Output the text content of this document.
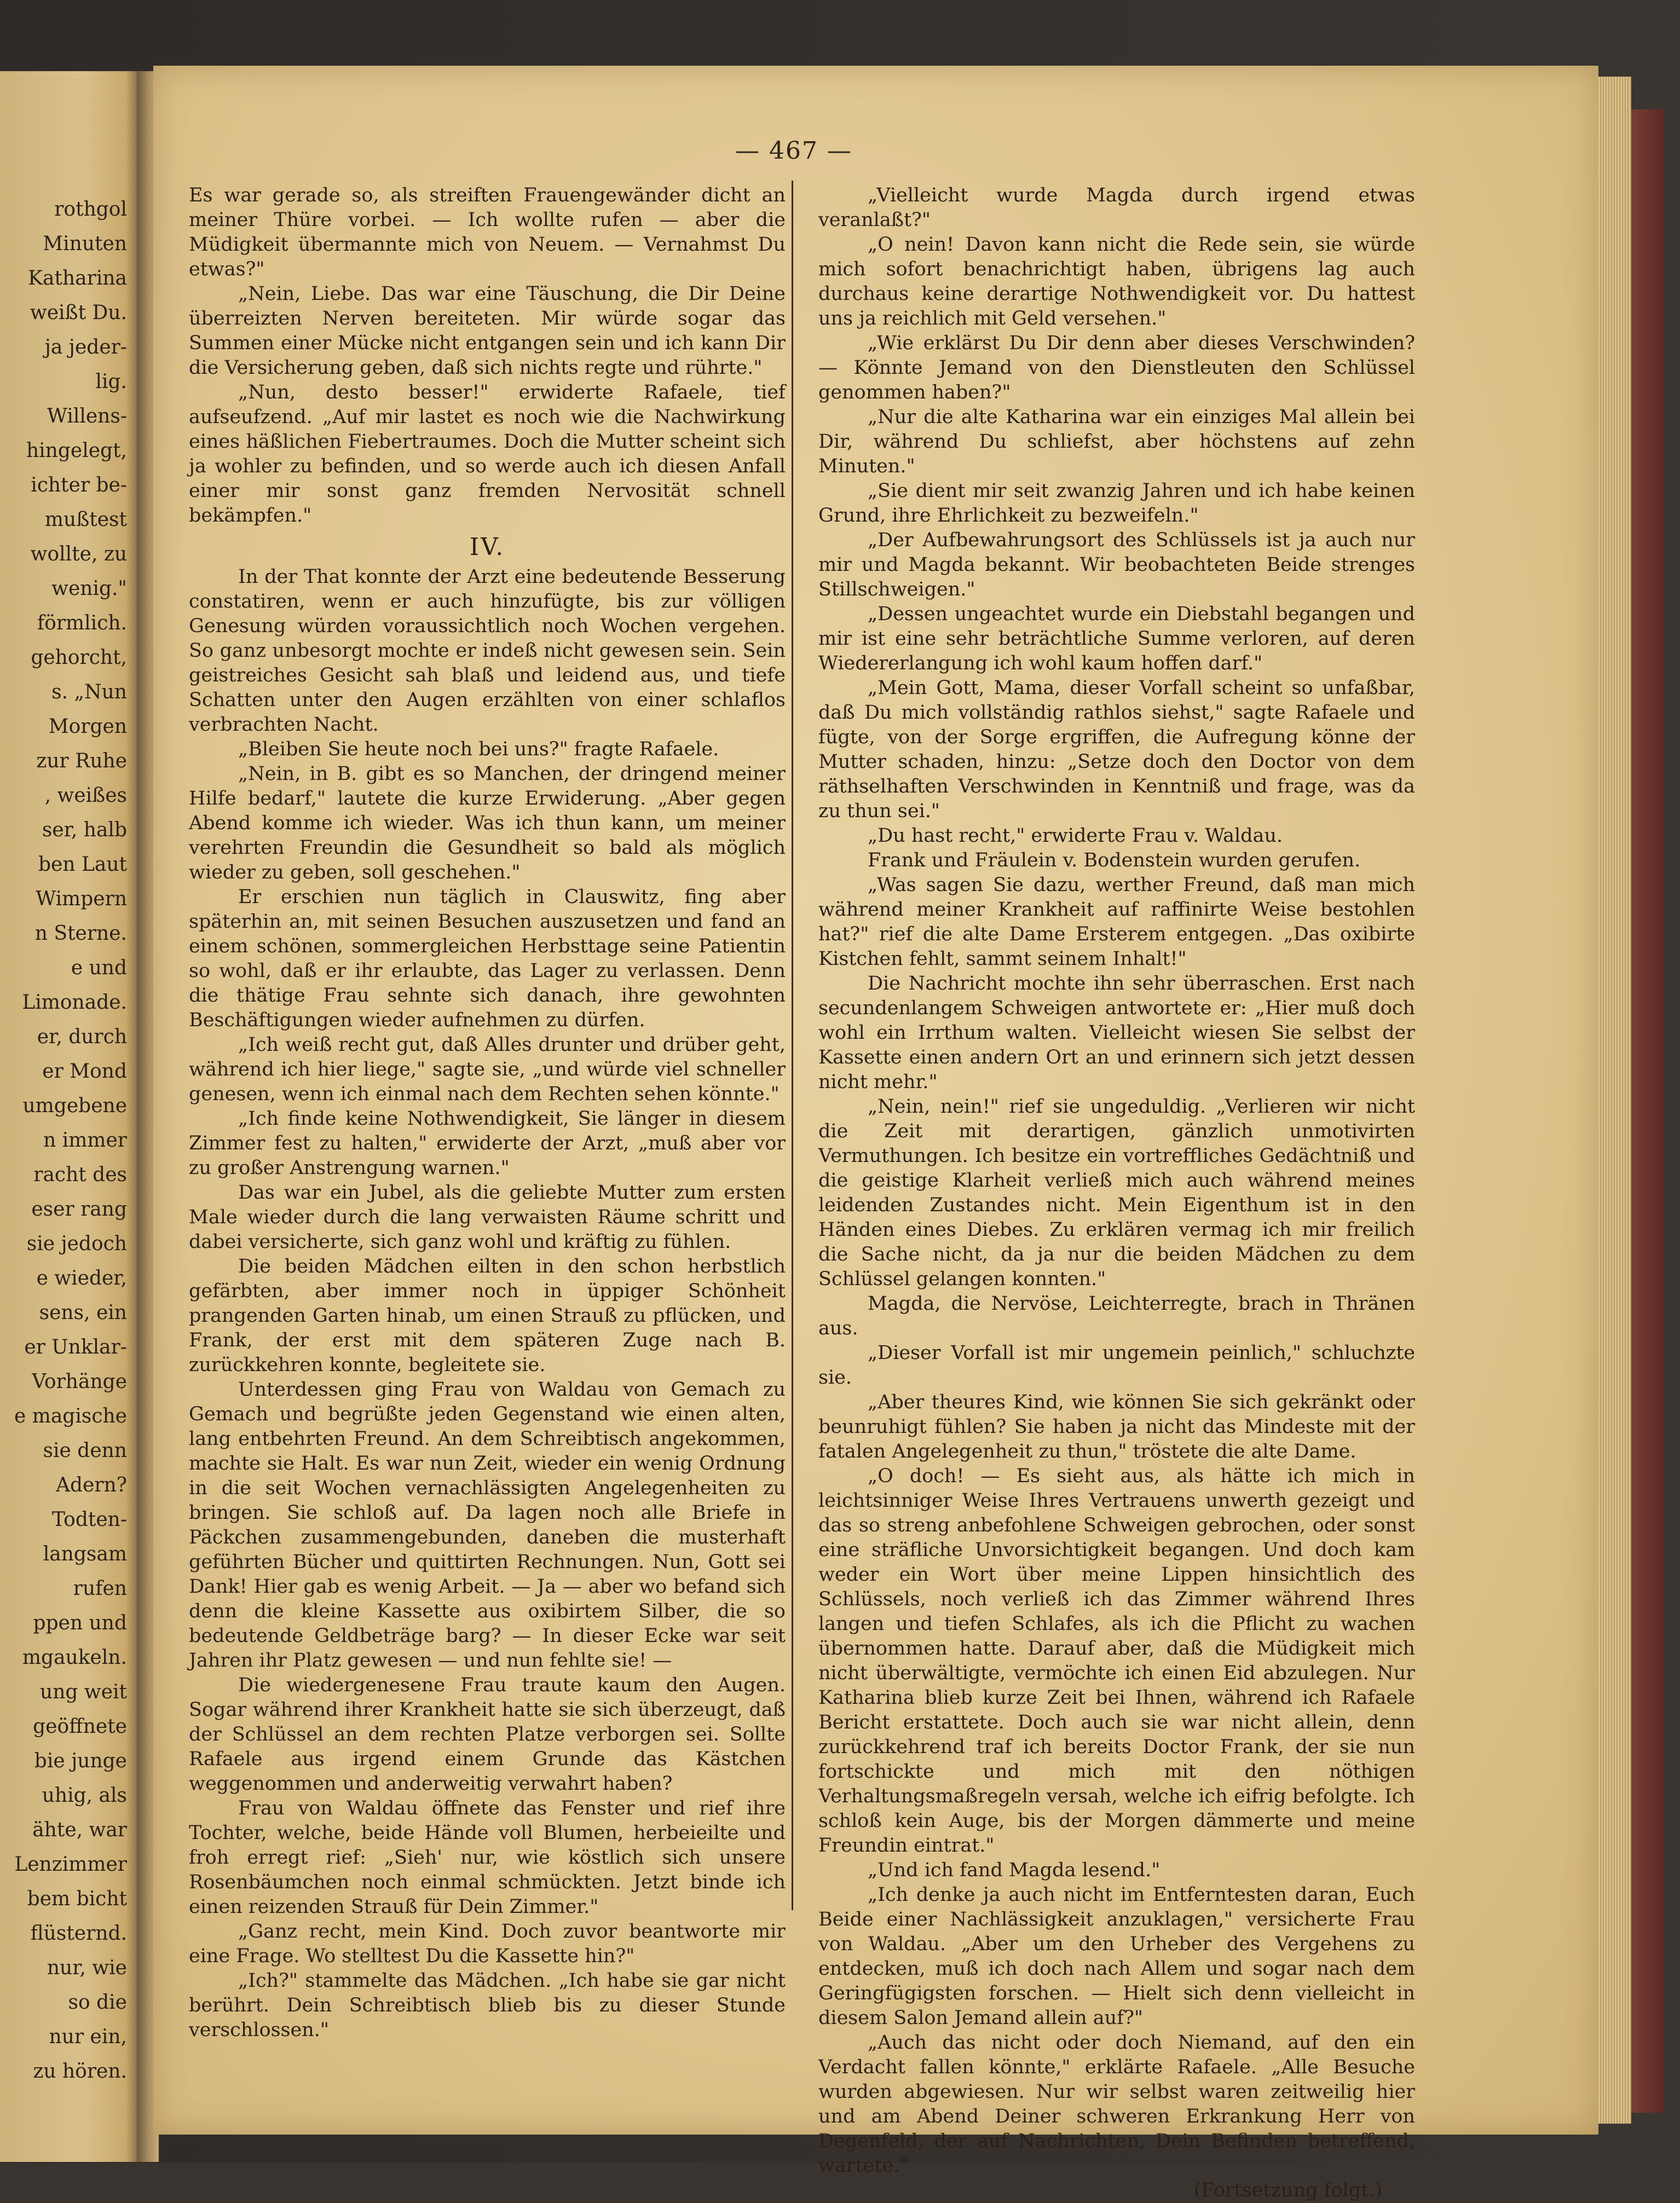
rothgol
Minuten
Katharina
weißt Du.
ja jeder-
lig.
Willens-
hingelegt,
ichter be-
mußtest
wollte, zu
wenig."
förmlich.
gehorcht,
s. „Nun
Morgen
zur Ruhe
, weißes
ser, halb
ben Laut
Wimpern
n Sterne.
e und
Limonade.
er, durch
er Mond
umgebene
n immer
racht des
eser rang
sie jedoch
e wieder,
sens, ein
er Unklar-
Vorhänge
e magische
sie denn
Adern?
Todten-
langsam
rufen
ppen und
mgaukeln.
ung weit
geöffnete
bie junge
uhig, als
ähte, war
Lenzimmer
bem bicht
flüsternd.
nur, wie
so die
nur ein,
zu hören.
— 467 —

Es war gerade so, als streiften Frauengewänder dicht an meiner Thüre vorbei. — Ich wollte rufen — aber die Müdigkeit übermannte mich von Neuem. — Vernahmst Du etwas?"

„Nein, Liebe. Das war eine Täuschung, die Dir Deine überreizten Nerven bereiteten. Mir würde sogar das Summen einer Mücke nicht entgangen sein und ich kann Dir die Versicherung geben, daß sich nichts regte und rührte."

„Nun, desto besser!" erwiderte Rafaele, tief aufseufzend. „Auf mir lastet es noch wie die Nachwirkung eines häßlichen Fiebertraumes. Doch die Mutter scheint sich ja wohler zu befinden, und so werde auch ich diesen Anfall einer mir sonst ganz fremden Nervosität schnell bekämpfen."

IV.

In der That konnte der Arzt eine bedeutende Besserung constatiren, wenn er auch hinzufügte, bis zur völligen Genesung würden voraussichtlich noch Wochen vergehen. So ganz unbesorgt mochte er indeß nicht gewesen sein. Sein geistreiches Gesicht sah blaß und leidend aus, und tiefe Schatten unter den Augen erzählten von einer schlaflos verbrachten Nacht.

„Bleiben Sie heute noch bei uns?" fragte Rafaele.

„Nein, in B. gibt es so Manchen, der dringend meiner Hilfe bedarf," lautete die kurze Erwiderung. „Aber gegen Abend komme ich wieder. Was ich thun kann, um meiner verehrten Freundin die Gesundheit so bald als möglich wieder zu geben, soll geschehen."

Er erschien nun täglich in Clauswitz, fing aber späterhin an, mit seinen Besuchen auszusetzen und fand an einem schönen, sommergleichen Herbsttage seine Patientin so wohl, daß er ihr erlaubte, das Lager zu verlassen. Denn die thätige Frau sehnte sich danach, ihre gewohnten Beschäftigungen wieder aufnehmen zu dürfen.

„Ich weiß recht gut, daß Alles drunter und drüber geht, während ich hier liege," sagte sie, „und würde viel schneller genesen, wenn ich einmal nach dem Rechten sehen könnte."

„Ich finde keine Nothwendigkeit, Sie länger in diesem Zimmer fest zu halten," erwiderte der Arzt, „muß aber vor zu großer Anstrengung warnen."

Das war ein Jubel, als die geliebte Mutter zum ersten Male wieder durch die lang verwaisten Räume schritt und dabei versicherte, sich ganz wohl und kräftig zu fühlen.

Die beiden Mädchen eilten in den schon herbstlich gefärbten, aber immer noch in üppiger Schönheit prangenden Garten hinab, um einen Strauß zu pflücken, und Frank, der erst mit dem späteren Zuge nach B. zurückkehren konnte, begleitete sie.

Unterdessen ging Frau von Waldau von Gemach zu Gemach und begrüßte jeden Gegenstand wie einen alten, lang entbehrten Freund. An dem Schreibtisch angekommen, machte sie Halt. Es war nun Zeit, wieder ein wenig Ordnung in die seit Wochen vernachlässigten Angelegenheiten zu bringen. Sie schloß auf. Da lagen noch alle Briefe in Päckchen zusammengebunden, daneben die musterhaft geführten Bücher und quittirten Rechnungen. Nun, Gott sei Dank! Hier gab es wenig Arbeit. — Ja — aber wo befand sich denn die kleine Kassette aus oxibirtem Silber, die so bedeutende Geldbeträge barg? — In dieser Ecke war seit Jahren ihr Platz gewesen — und nun fehlte sie! —

Die wiedergenesene Frau traute kaum den Augen. Sogar während ihrer Krankheit hatte sie sich überzeugt, daß der Schlüssel an dem rechten Platze verborgen sei. Sollte Rafaele aus irgend einem Grunde das Kästchen weggenommen und anderweitig verwahrt haben?

Frau von Waldau öffnete das Fenster und rief ihre Tochter, welche, beide Hände voll Blumen, herbeieilte und froh erregt rief: „Sieh' nur, wie köstlich sich unsere Rosenbäumchen noch einmal schmückten. Jetzt binde ich einen reizenden Strauß für Dein Zimmer."

„Ganz recht, mein Kind. Doch zuvor beantworte mir eine Frage. Wo stelltest Du die Kassette hin?"

„Ich?" stammelte das Mädchen. „Ich habe sie gar nicht berührt. Dein Schreibtisch blieb bis zu dieser Stunde verschlossen."

„Vielleicht wurde Magda durch irgend etwas veranlaßt?"

„O nein! Davon kann nicht die Rede sein, sie würde mich sofort benachrichtigt haben, übrigens lag auch durchaus keine derartige Nothwendigkeit vor. Du hattest uns ja reichlich mit Geld versehen."

„Wie erklärst Du Dir denn aber dieses Verschwinden? — Könnte Jemand von den Dienstleuten den Schlüssel genommen haben?"

„Nur die alte Katharina war ein einziges Mal allein bei Dir, während Du schliefst, aber höchstens auf zehn Minuten."

„Sie dient mir seit zwanzig Jahren und ich habe keinen Grund, ihre Ehrlichkeit zu bezweifeln."

„Der Aufbewahrungsort des Schlüssels ist ja auch nur mir und Magda bekannt. Wir beobachteten Beide strenges Stillschweigen."

„Dessen ungeachtet wurde ein Diebstahl begangen und mir ist eine sehr beträchtliche Summe verloren, auf deren Wiedererlangung ich wohl kaum hoffen darf."

„Mein Gott, Mama, dieser Vorfall scheint so unfaßbar, daß Du mich vollständig rathlos siehst," sagte Rafaele und fügte, von der Sorge ergriffen, die Aufregung könne der Mutter schaden, hinzu: „Setze doch den Doctor von dem räthselhaften Verschwinden in Kenntniß und frage, was da zu thun sei."

„Du hast recht," erwiderte Frau v. Waldau.

Frank und Fräulein v. Bodenstein wurden gerufen.

„Was sagen Sie dazu, werther Freund, daß man mich während meiner Krankheit auf raffinirte Weise bestohlen hat?" rief die alte Dame Ersterem entgegen. „Das oxibirte Kistchen fehlt, sammt seinem Inhalt!"

Die Nachricht mochte ihn sehr überraschen. Erst nach secundenlangem Schweigen antwortete er: „Hier muß doch wohl ein Irrthum walten. Vielleicht wiesen Sie selbst der Kassette einen andern Ort an und erinnern sich jetzt dessen nicht mehr."

„Nein, nein!" rief sie ungeduldig. „Verlieren wir nicht die Zeit mit derartigen, gänzlich unmotivirten Vermuthungen. Ich besitze ein vortreffliches Gedächtniß und die geistige Klarheit verließ mich auch während meines leidenden Zustandes nicht. Mein Eigenthum ist in den Händen eines Diebes. Zu erklären vermag ich mir freilich die Sache nicht, da ja nur die beiden Mädchen zu dem Schlüssel gelangen konnten."

Magda, die Nervöse, Leichterregte, brach in Thränen aus.

„Dieser Vorfall ist mir ungemein peinlich," schluchzte sie.

„Aber theures Kind, wie können Sie sich gekränkt oder beunruhigt fühlen? Sie haben ja nicht das Mindeste mit der fatalen Angelegenheit zu thun," tröstete die alte Dame.

„O doch! — Es sieht aus, als hätte ich mich in leichtsinniger Weise Ihres Vertrauens unwerth gezeigt und das so streng anbefohlene Schweigen gebrochen, oder sonst eine sträfliche Unvorsichtigkeit begangen. Und doch kam weder ein Wort über meine Lippen hinsichtlich des Schlüssels, noch verließ ich das Zimmer während Ihres langen und tiefen Schlafes, als ich die Pflicht zu wachen übernommen hatte. Darauf aber, daß die Müdigkeit mich nicht überwältigte, vermöchte ich einen Eid abzulegen. Nur Katharina blieb kurze Zeit bei Ihnen, während ich Rafaele Bericht erstattete. Doch auch sie war nicht allein, denn zurückkehrend traf ich bereits Doctor Frank, der sie nun fortschickte und mich mit den nöthigen Verhaltungsmaßregeln versah, welche ich eifrig befolgte. Ich schloß kein Auge, bis der Morgen dämmerte und meine Freundin eintrat."

„Und ich fand Magda lesend."

„Ich denke ja auch nicht im Entferntesten daran, Euch Beide einer Nachlässigkeit anzuklagen," versicherte Frau von Waldau. „Aber um den Urheber des Vergehens zu entdecken, muß ich doch nach Allem und sogar nach dem Geringfügigsten forschen. — Hielt sich denn vielleicht in diesem Salon Jemand allein auf?"

„Auch das nicht oder doch Niemand, auf den ein Verdacht fallen könnte," erklärte Rafaele. „Alle Besuche wurden abgewiesen. Nur wir selbst waren zeitweilig hier und am Abend Deiner schweren Erkrankung Herr von Degenfeld, der auf Nachrichten, Dein Befinden betreffend, wartete."

(Fortsetzung folgt.)
